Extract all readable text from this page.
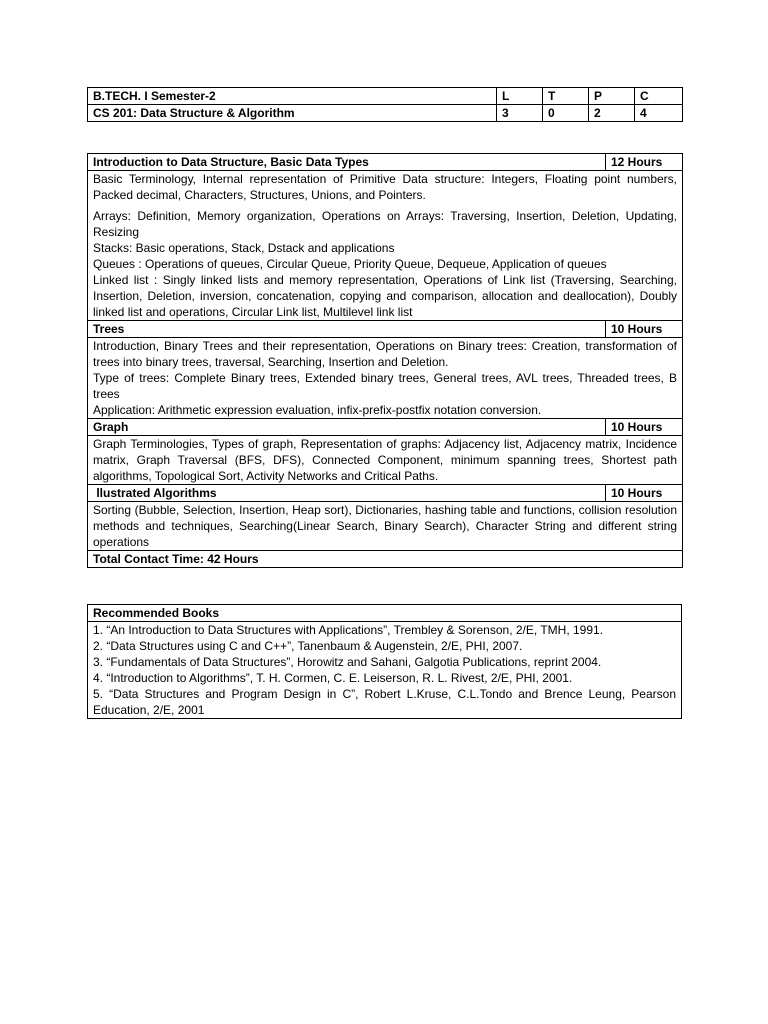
B.TECH. I Semester-2	L	T	P	C
CS 201: Data Structure & Algorithm	3	0	2	4
Introduction to Data Structure, Basic Data Types	12 Hours

Basic Terminology, Internal representation of Primitive Data structure: Integers, Floating point numbers, Packed decimal, Characters, Structures, Unions, and Pointers.
Arrays: Definition, Memory organization, Operations on Arrays: Traversing, Insertion, Deletion, Updating, Resizing
Stacks: Basic operations, Stack, Dstack and applications
Queues : Operations of queues, Circular Queue, Priority Queue, Dequeue, Application of queues
Linked list : Singly linked lists and memory representation, Operations of Link list (Traversing, Searching, Insertion, Deletion, inversion, concatenation, copying and comparison, allocation and deallocation), Doubly linked list and operations, Circular Link list, Multilevel link list	

Trees	10 Hours

Introduction, Binary Trees and their representation, Operations on Binary trees: Creation, transformation of trees into binary trees, traversal, Searching, Insertion and Deletion.
Type of trees: Complete Binary trees, Extended binary trees, General trees, AVL trees, Threaded trees, B trees
Application: Arithmetic expression evaluation, infix-prefix-postfix notation conversion.	

Graph	10 Hours

Graph Terminologies, Types of graph, Representation of graphs: Adjacency list, Adjacency matrix, Incidence matrix, Graph Traversal (BFS, DFS), Connected Component, minimum spanning trees, Shortest path algorithms, Topological Sort, Activity Networks and Critical Paths.	

llustrated Algorithms	10 Hours

Sorting (Bubble, Selection, Insertion, Heap sort), Dictionaries, hashing table and functions, collision resolution methods and techniques, Searching(Linear Search, Binary Search), Character String and different string operations	

Total Contact Time: 42 Hours	
Recommended Books

1. “An Introduction to Data Structures with Applications”, Trembley & Sorenson, 2/E, TMH, 1991.
2. “Data Structures using C and C++”, Tanenbaum & Augenstein, 2/E, PHI, 2007.
3. “Fundamentals of Data Structures”, Horowitz and Sahani, Galgotia Publications, reprint 2004.
4. “Introduction to Algorithms”, T. H. Cormen, C. E. Leiserson, R. L. Rivest, 2/E, PHI, 2001.
5. “Data Structures and Program Design in C”, Robert L.Kruse, C.L.Tondo and Brence Leung, Pearson Education, 2/E, 2001
